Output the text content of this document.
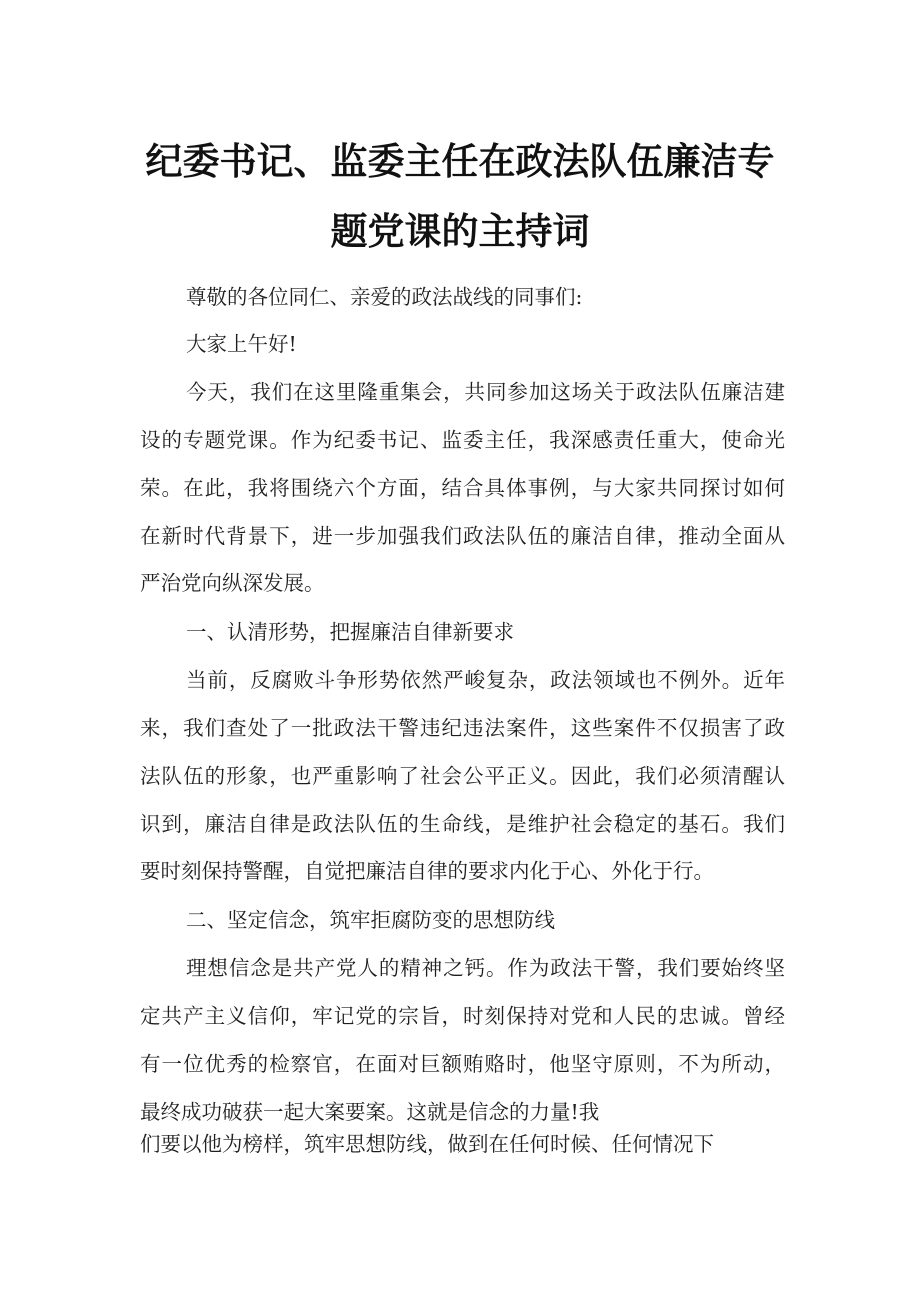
纪委书记、监委主任在政法队伍廉洁专
题党课的主持词
尊敬的各位同仁、亲爱的政法战线的同事们:
大家上午好!
今天，我们在这里隆重集会，共同参加这场关于政法队伍廉洁建
设的专题党课。作为纪委书记、监委主任，我深感责任重大，使命光
荣。在此，我将围绕六个方面，结合具体事例，与大家共同探讨如何
在新时代背景下，进一步加强我们政法队伍的廉洁自律，推动全面从
严治党向纵深发展。
一、认清形势，把握廉洁自律新要求
当前，反腐败斗争形势依然严峻复杂，政法领域也不例外。近年
来，我们查处了一批政法干警违纪违法案件，这些案件不仅损害了政
法队伍的形象，也严重影响了社会公平正义。因此，我们必须清醒认
识到，廉洁自律是政法队伍的生命线，是维护社会稳定的基石。我们
要时刻保持警醒，自觉把廉洁自律的要求内化于心、外化于行。
二、坚定信念，筑牢拒腐防变的思想防线
理想信念是共产党人的精神之钙。作为政法干警，我们要始终坚
定共产主义信仰，牢记党的宗旨，时刻保持对党和人民的忠诚。曾经
有一位优秀的检察官，在面对巨额贿赂时，他坚守原则，不为所动，
最终成功破获一起大案要案。这就是信念的力量!我
们要以他为榜样，筑牢思想防线，做到在任何时候、任何情况下
